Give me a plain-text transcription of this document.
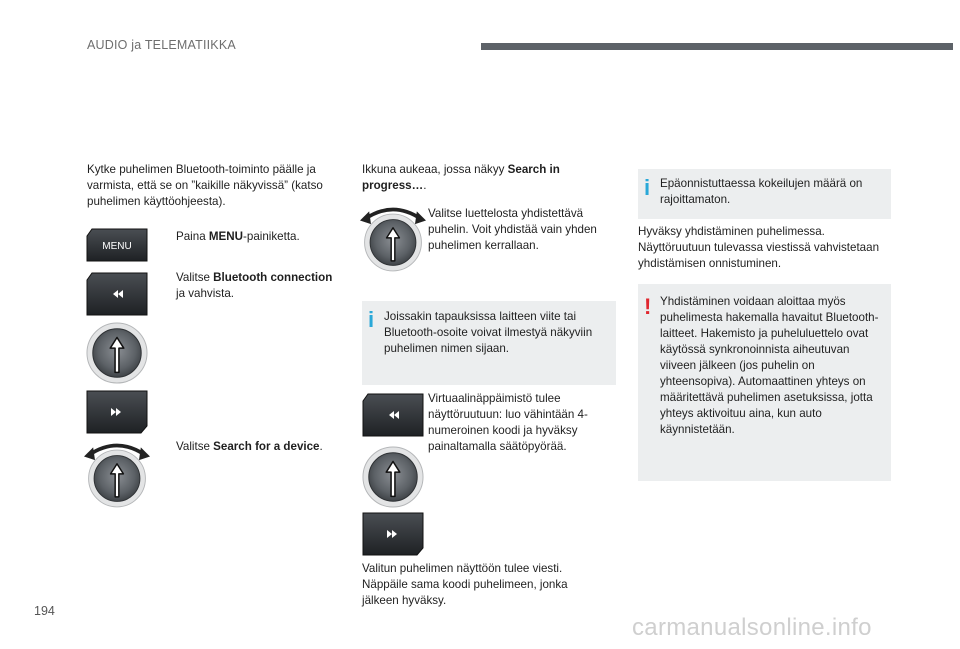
AUDIO ja TELEMATIIKKA
Kytke puhelimen Bluetooth-toiminto päälle ja varmista, että se on ”kaikille näkyvissä” (katso puhelimen käyttöohjeesta).
MENU
Paina MENU-painiketta.
Valitse Bluetooth connection ja vahvista.
Valitse Search for a device.
Ikkuna aukeaa, jossa näkyy Search in progress….
Valitse luettelosta yhdistettävä puhelin. Voit yhdistää vain yhden puhelimen kerrallaan.
i Joissakin tapauksissa laitteen viite tai Bluetooth-osoite voivat ilmestyä näkyviin puhelimen nimen sijaan.
Virtuaalinäppäimistö tulee näyttöruutuun: luo vähintään 4-numeroinen koodi ja hyväksy painaltamalla säätöpyörää.
Valitun puhelimen näyttöön tulee viesti. Näppäile sama koodi puhelimeen, jonka jälkeen hyväksy.
i Epäonnistuttaessa kokeilujen määrä on rajoittamaton.
Hyväksy yhdistäminen puhelimessa. Näyttöruutuun tulevassa viestissä vahvistetaan yhdistämisen onnistuminen.
! Yhdistäminen voidaan aloittaa myös puhelimesta hakemalla havaitut Bluetooth-laitteet. Hakemisto ja puheluluettelo ovat käytössä synkronoinnista aiheutuvan viiveen jälkeen (jos puhelin on yhteensopiva). Automaattinen yhteys on määritettävä puhelimen asetuksissa, jotta yhteys aktivoituu aina, kun auto käynnistetään.
194
carmanualsonline.info
